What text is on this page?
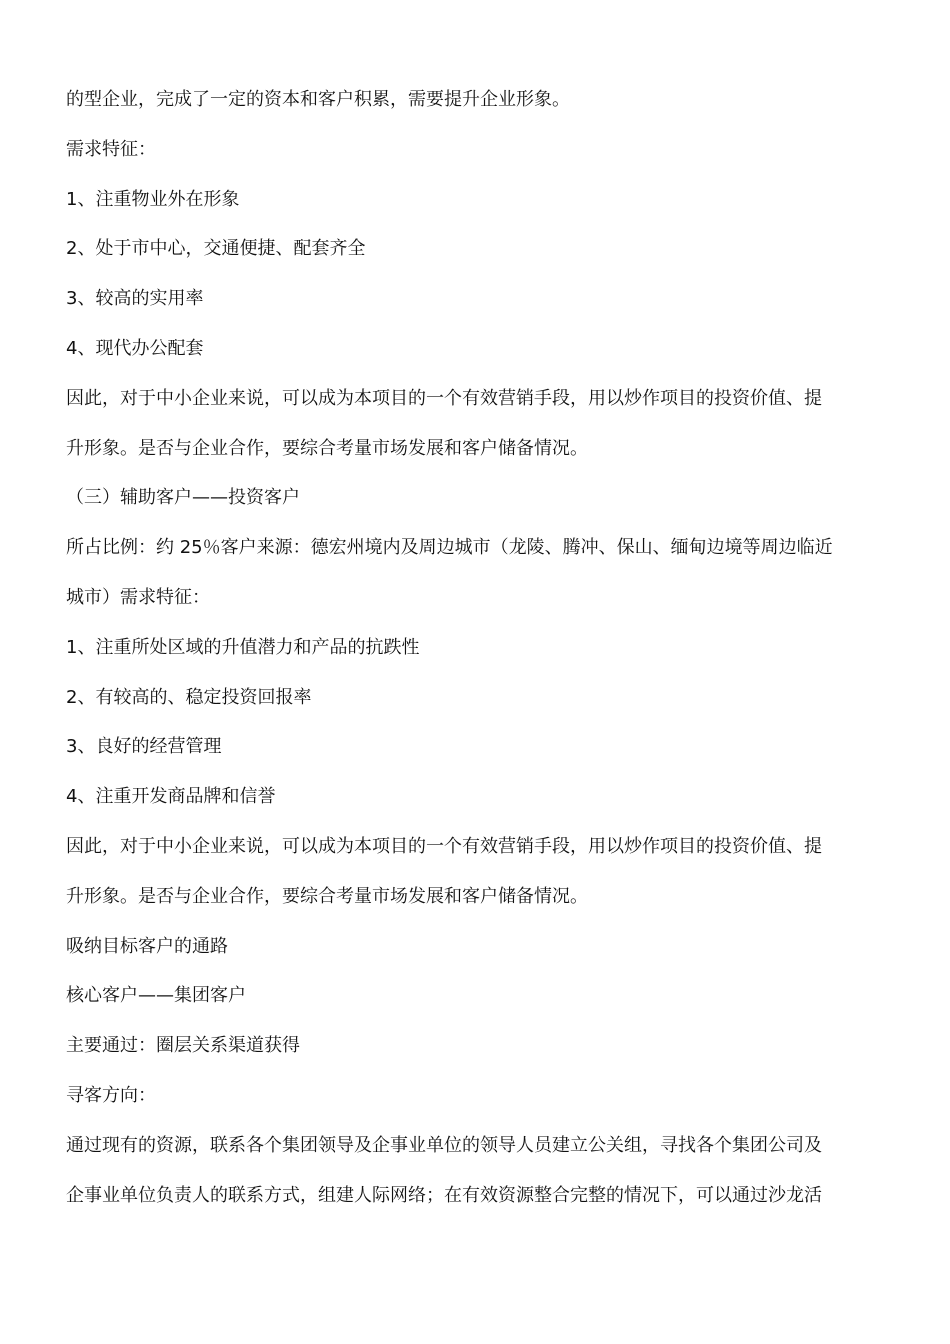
的型企业，完成了一定的资本和客户积累，需要提升企业形象。
需求特征：
1、注重物业外在形象
2、处于市中心，交通便捷、配套齐全
3、较高的实用率
4、现代办公配套
因此，对于中小企业来说，可以成为本项目的一个有效营销手段，用以炒作项目的投资价值、提
升形象。是否与企业合作，要综合考量市场发展和客户储备情况。
（三）辅助客户——投资客户
所占比例：约 25％客户来源：德宏州境内及周边城市（龙陵、腾冲、保山、缅甸边境等周边临近
城市）需求特征：
1、注重所处区域的升值潜力和产品的抗跌性
2、有较高的、稳定投资回报率
3、良好的经营管理
4、注重开发商品牌和信誉
因此，对于中小企业来说，可以成为本项目的一个有效营销手段，用以炒作项目的投资价值、提
升形象。是否与企业合作，要综合考量市场发展和客户储备情况。
吸纳目标客户的通路
核心客户——集团客户
主要通过：圈层关系渠道获得
寻客方向：
通过现有的资源，联系各个集团领导及企事业单位的领导人员建立公关组，寻找各个集团公司及
企事业单位负责人的联系方式，组建人际网络；在有效资源整合完整的情况下，可以通过沙龙活
